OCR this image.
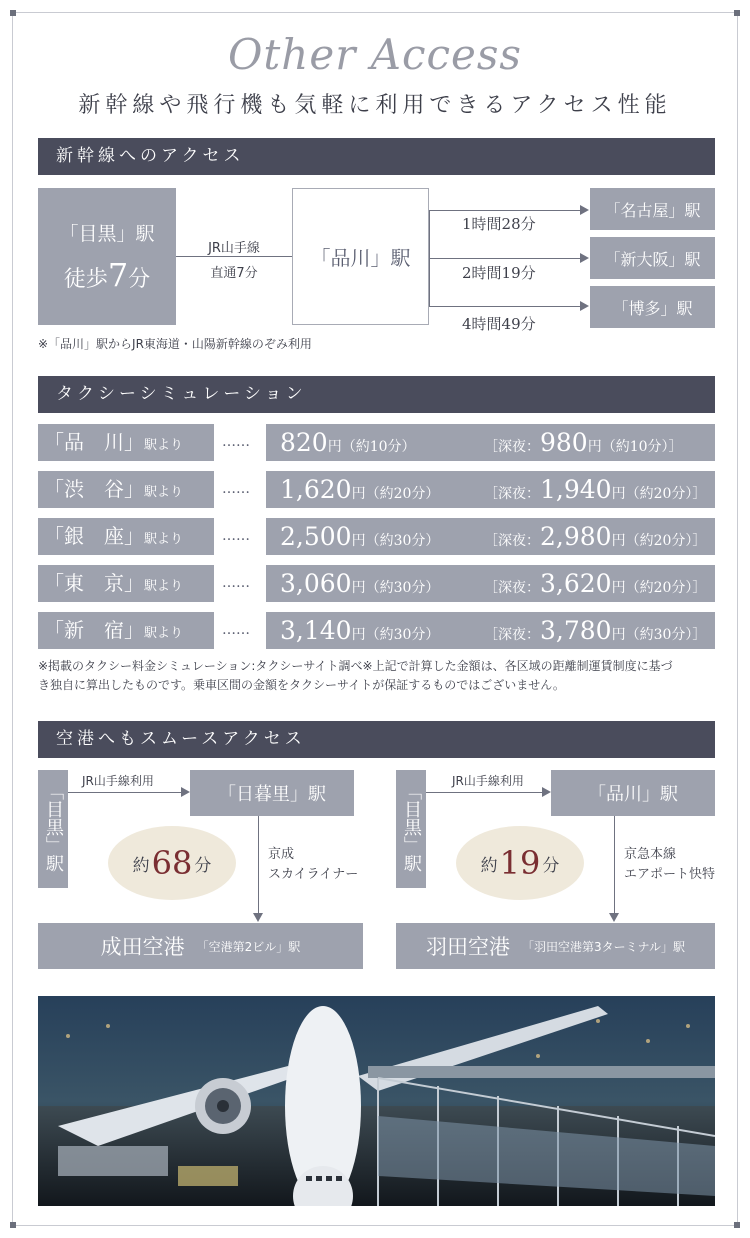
Other Access
新幹線や飛行機も気軽に利用できるアクセス性能
新幹線へのアクセス
「目黒」駅
徒歩7分
JR山手線
直通7分
「品川」駅
1時間28分
2時間19分
4時間49分
「名古屋」駅
「新大阪」駅
「博多」駅
※「品川」駅からJR東海道・山陽新幹線のぞみ利用
タクシーシミュレーション
「品　川」駅より	……	820円（約10分）	［深夜：980円（約10分）］
「渋　谷」駅より	……	1,620円（約20分）	［深夜：1,940円（約20分）］
「銀　座」駅より	……	2,500円（約30分）	［深夜：2,980円（約20分）］
「東　京」駅より	……	3,060円（約30分）	［深夜：3,620円（約20分）］
「新　宿」駅より	……	3,140円（約30分）	［深夜：3,780円（約30分）］
※掲載のタクシー料金シミュレーション:タクシーサイト調べ※上記で計算した金額は、各区域の距離制運賃制度に基づ
き独自に算出したものです。乗車区間の金額をタクシーサイトが保証するものではございません。
空港へもスムースアクセス
「目黒」駅
JR山手線利用
「日暮里」駅
約 68 分
京成
スカイライナー
成田空港 「空港第2ビル」駅
「目黒」駅
JR山手線利用
「品川」駅
約 19 分
京急本線
エアポート快特
羽田空港 「羽田空港第3ターミナル」駅
